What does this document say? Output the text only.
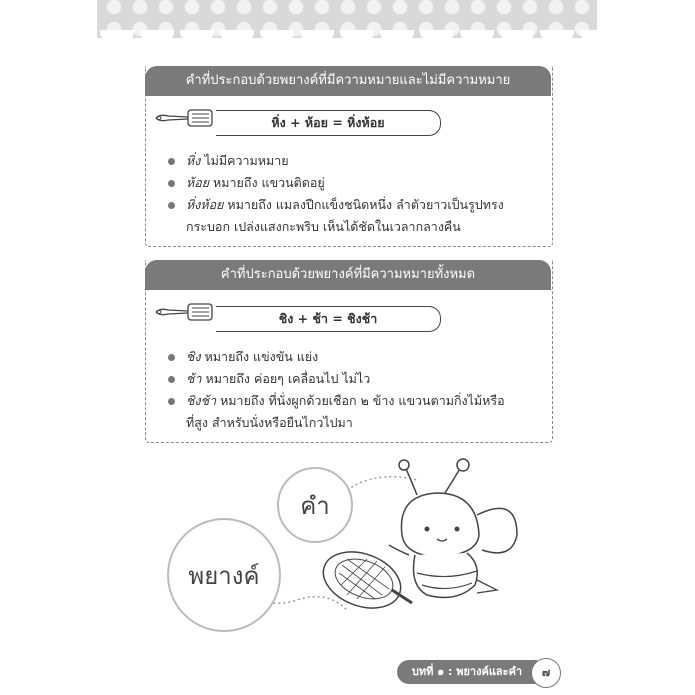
คำที่ประกอบด้วยพยางค์ที่มีความหมายและไม่มีความหมาย
หิ่ง + ห้อย = หิ่งห้อย
หิ่ง ไม่มีความหมาย
ห้อย หมายถึง แขวนติดอยู่
หิ่งห้อย หมายถึง แมลงปีกแข็งชนิดหนึ่ง ลำตัวยาวเป็นรูปทรง
กระบอก เปล่งแสงกะพริบ เห็นได้ชัดในเวลากลางคืน
คำที่ประกอบด้วยพยางค์ที่มีความหมายทั้งหมด
ชิง + ช้า = ชิงช้า
ชิง หมายถึง แข่งขัน แย่ง
ช้า หมายถึง ค่อยๆ เคลื่อนไป ไม่ไว
ชิงช้า หมายถึง ที่นั่งผูกด้วยเชือก ๒ ข้าง แขวนตามกิ่งไม้หรือ
ที่สูง สำหรับนั่งหรือยืนไกวไปมา
คำ
พยางค์
บทที่ ๑ : พยางค์และคำ	๗
